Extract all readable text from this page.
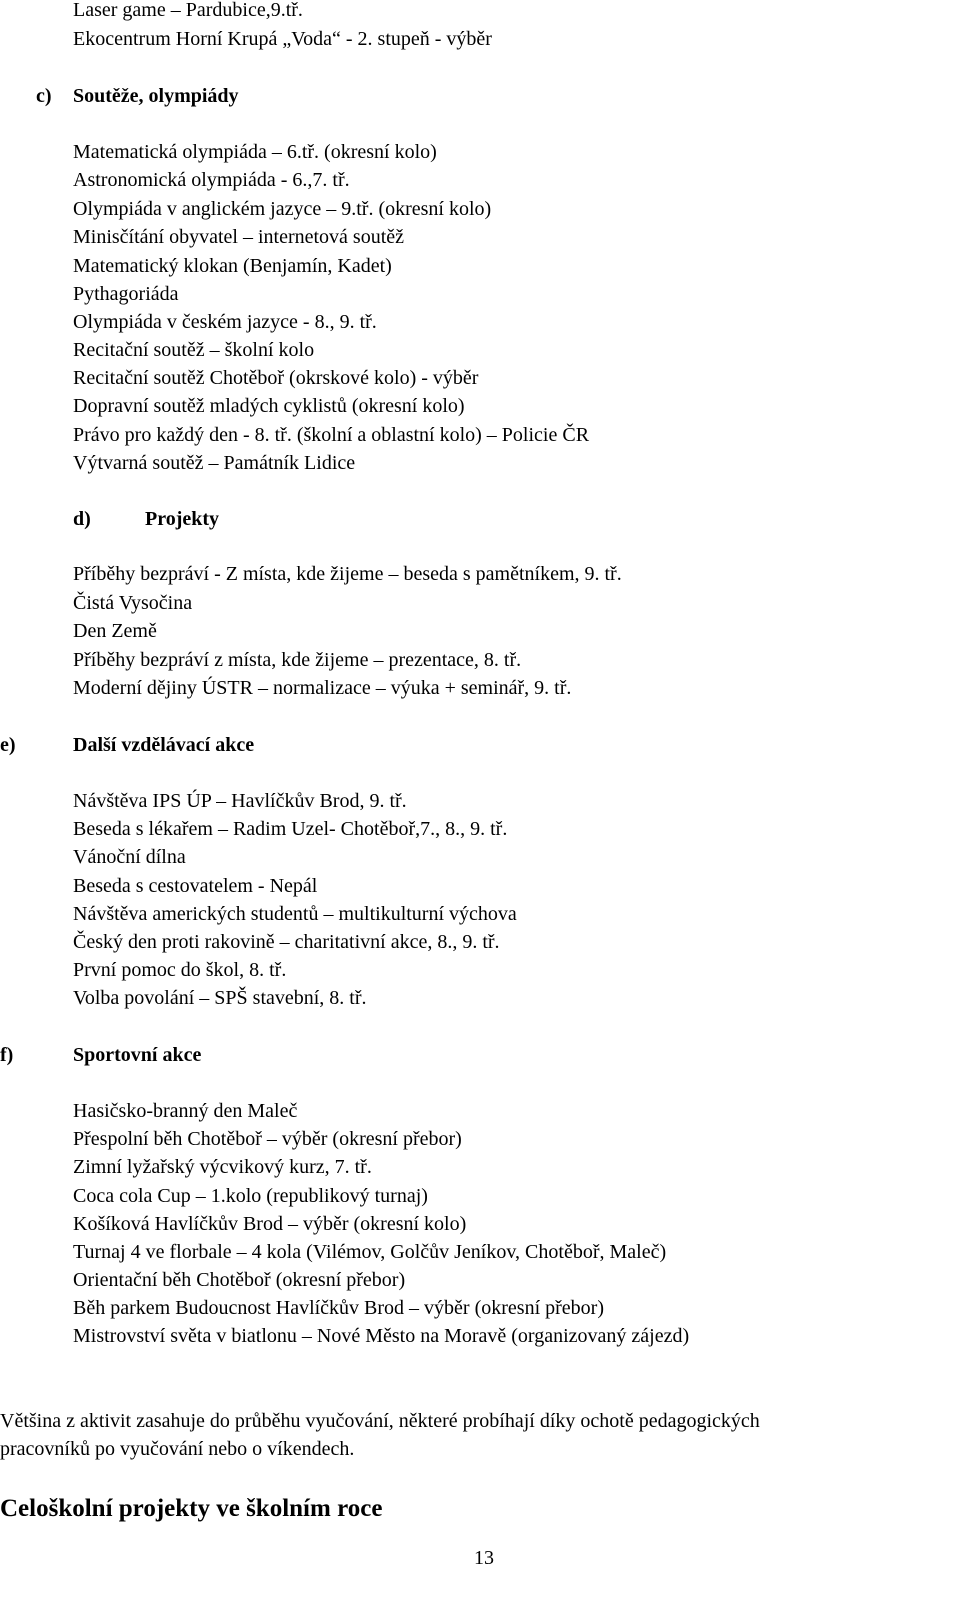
Laser game – Pardubice,9.tř.
Ekocentrum Horní Krupá „Voda“ - 2. stupeň - výběr
c) Soutěže, olympiády
Matematická olympiáda – 6.tř. (okresní kolo)
Astronomická olympiáda - 6.,7. tř.
Olympiáda v anglickém jazyce – 9.tř. (okresní kolo)
Minisčítání obyvatel – internetová soutěž
Matematický klokan (Benjamín, Kadet)
Pythagoriáda
Olympiáda v českém jazyce - 8., 9. tř.
Recitační soutěž – školní kolo
Recitační soutěž Chotěboř (okrskové kolo) - výběr
Dopravní soutěž mladých cyklistů (okresní kolo)
Právo pro každý den - 8. tř. (školní a oblastní kolo) – Policie ČR
Výtvarná soutěž – Památník Lidice
d)	Projekty
Příběhy bezpráví - Z místa, kde žijeme – beseda s pamětníkem, 9. tř.
Čistá Vysočina
Den Země
Příběhy bezpráví z místa, kde žijeme – prezentace, 8. tř.
Moderní dějiny ÚSTR – normalizace – výuka + seminář, 9. tř.
e)	Další vzdělávací akce
Návštěva IPS ÚP – Havlíčkův Brod, 9. tř.
Beseda s lékařem – Radim Uzel- Chotěboř,7., 8., 9. tř.
Vánoční dílna
Beseda s cestovatelem - Nepál
Návštěva amerických studentů – multikulturní výchova
Český den proti rakovině – charitativní akce, 8., 9. tř.
První pomoc do škol, 8. tř.
Volba povolání – SPŠ stavební, 8. tř.
f)	Sportovní akce
Hasičsko-branný den Maleč
Přespolní běh Chotěboř – výběr (okresní přebor)
Zimní lyžařský výcvikový kurz, 7. tř.
Coca cola Cup – 1.kolo (republikový turnaj)
Košíková Havlíčkův Brod – výběr (okresní kolo)
Turnaj 4 ve florbale – 4 kola (Vilémov, Golčův Jeníkov, Chotěboř, Maleč)
Orientační běh Chotěboř (okresní přebor)
Běh parkem Budoucnost Havlíčkův Brod – výběr (okresní přebor)
Mistrovství světa v biatlonu – Nové Město na Moravě (organizovaný zájezd)
Většina z aktivit zasahuje do průběhu vyučování, některé probíhají díky ochotě pedagogických
pracovníků po vyučování nebo o víkendech.
Celoškolní projekty ve školním roce
13
